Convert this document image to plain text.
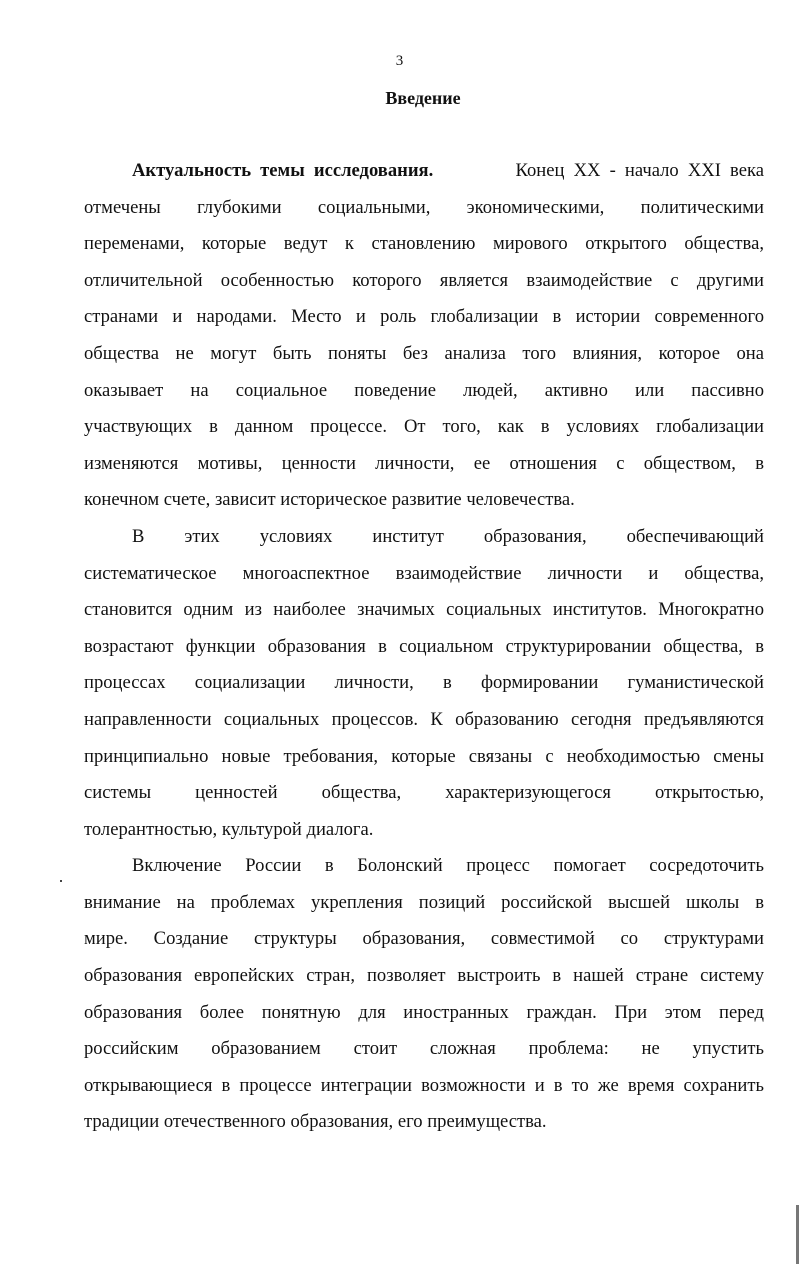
3
Введение
Актуальность темы исследования.	Конец XX - начало XXI века
отмечены глубокими социальными, экономическими, политическими
переменами, которые ведут к становлению мирового открытого общества,
отличительной особенностью которого является взаимодействие с другими
странами и народами. Место и роль глобализации в истории современного
общества не могут быть поняты без анализа того влияния, которое она
оказывает на социальное поведение людей, активно или пассивно
участвующих в данном процессе. От того, как в условиях глобализации
изменяются мотивы, ценности личности, ее отношения с обществом, в
конечном счете, зависит историческое развитие человечества.
В этих условиях институт образования, обеспечивающий
систематическое многоаспектное взаимодействие личности и общества,
становится одним из наиболее значимых социальных институтов. Многократно
возрастают функции образования в социальном структурировании общества, в
процессах социализации личности, в формировании гуманистической
направленности социальных процессов. К образованию сегодня предъявляются
принципиально новые требования, которые связаны с необходимостью смены
системы ценностей общества, характеризующегося открытостью,
толерантностью, культурой диалога.
Включение России в Болонский процесс помогает сосредоточить
внимание на проблемах укрепления позиций российской высшей школы в
мире. Создание структуры образования, совместимой со структурами
образования европейских стран, позволяет выстроить в нашей стране систему
образования более понятную для иностранных граждан. При этом перед
российским образованием стоит сложная проблема: не упустить
открывающиеся в процессе интеграции возможности и в то же время сохранить
традиции отечественного образования, его преимущества.
